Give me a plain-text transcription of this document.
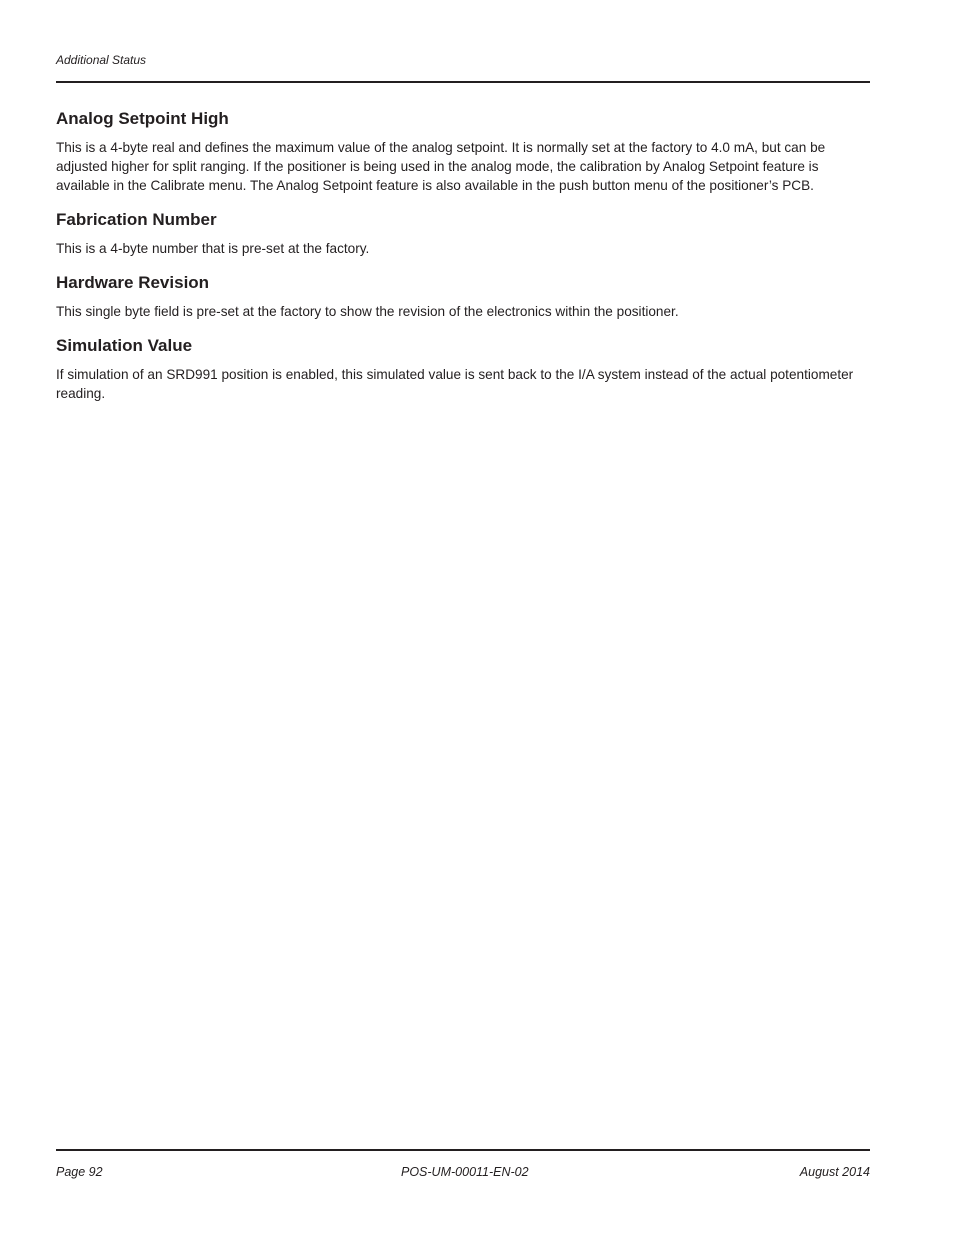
Additional Status
Analog Setpoint High

This is a 4-byte real and defines the maximum value of the analog setpoint. It is normally set at the factory to 4.0 mA, but can be adjusted higher for split ranging. If the positioner is being used in the analog mode, the calibration by Analog Setpoint feature is available in the Calibrate menu. The Analog Setpoint feature is also available in the push button menu of the positioner’s PCB.

Fabrication Number

This is a 4-byte number that is pre-set at the factory.

Hardware Revision

This single byte field is pre-set at the factory to show the revision of the electronics within the positioner.

Simulation Value

If simulation of an SRD991 position is enabled, this simulated value is sent back to the I/A system instead of the actual potentiometer reading.

Page 92	POS-UM-00011-EN-02	August 2014
